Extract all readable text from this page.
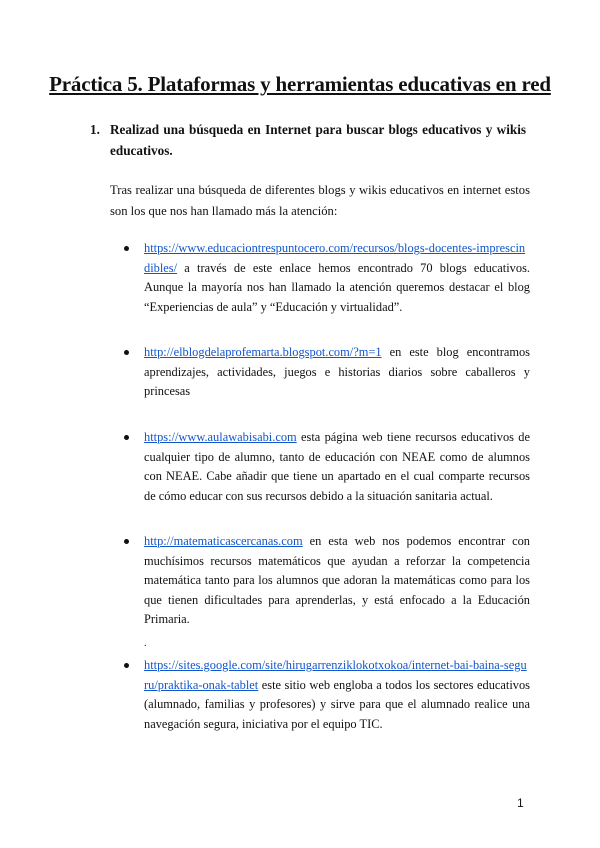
Práctica 5. Plataformas y herramientas educativas en red
1. Realizad una búsqueda en Internet para buscar blogs educativos y wikis educativos.
Tras realizar una búsqueda de diferentes blogs y wikis educativos en internet estos son los que nos han llamado más la atención:
https://www.educaciontrespuntocero.com/recursos/blogs-docentes-imprescindibles/ a través de este enlace hemos encontrado 70 blogs educativos. Aunque la mayoría nos han llamado la atención queremos destacar el blog “Experiencias de aula” y “Educación y virtualidad”.
http://elblogdelaprofemarta.blogspot.com/?m=1 en este blog encontramos aprendizajes, actividades, juegos e historias diarios sobre caballeros y princesas
https://www.aulawabisabi.com esta página web tiene recursos educativos de cualquier tipo de alumno, tanto de educación con NEAE como de alumnos con NEAE. Cabe añadir que tiene un apartado en el cual comparte recursos de cómo educar con sus recursos debido a la situación sanitaria actual.
http://matematicascercanas.com en esta web nos podemos encontrar con muchísimos recursos matemáticos que ayudan a reforzar la competencia matemática tanto para los alumnos que adoran la matemáticas como para los que tienen dificultades para aprenderlas, y está enfocado a la Educación Primaria.
https://sites.google.com/site/hirugarrenziklokotxokoa/internet-bai-baina-seguru/praktika-onak-tablet este sitio web engloba a todos los sectores educativos (alumnado, familias y profesores) y sirve para que el alumnado realice una navegación segura, iniciativa por el equipo TIC.
.
1
